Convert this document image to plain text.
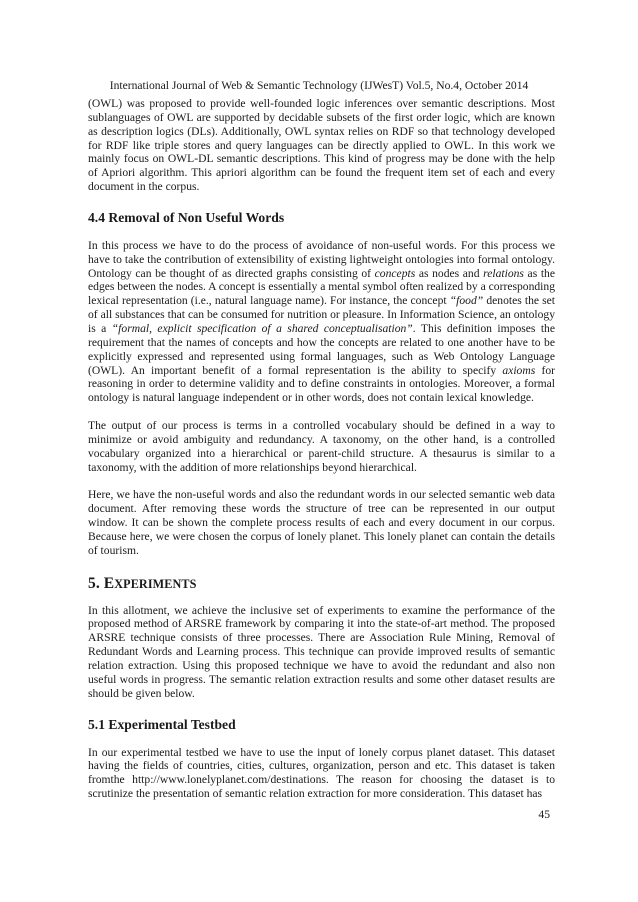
International Journal of Web & Semantic Technology (IJWesT) Vol.5, No.4, October 2014

(OWL) was proposed to provide well-founded logic inferences over semantic descriptions. Most sublanguages of OWL are supported by decidable subsets of the first order logic, which are known as description logics (DLs). Additionally, OWL syntax relies on RDF so that technology developed for RDF like triple stores and query languages can be directly applied to OWL. In this work we mainly focus on OWL-DL semantic descriptions. This kind of progress may be done with the help of Apriori algorithm. This apriori algorithm can be found the frequent item set of each and every document in the corpus.

4.4 Removal of Non Useful Words

In this process we have to do the process of avoidance of non-useful words. For this process we have to take the contribution of extensibility of existing lightweight ontologies into formal ontology. Ontology can be thought of as directed graphs consisting of concepts as nodes and relations as the edges between the nodes. A concept is essentially a mental symbol often realized by a corresponding lexical representation (i.e., natural language name). For instance, the concept “food” denotes the set of all substances that can be consumed for nutrition or pleasure. In Information Science, an ontology is a “formal, explicit specification of a shared conceptualisation”. This definition imposes the requirement that the names of concepts and how the concepts are related to one another have to be explicitly expressed and represented using formal languages, such as Web Ontology Language (OWL). An important benefit of a formal representation is the ability to specify axioms for reasoning in order to determine validity and to define constraints in ontologies. Moreover, a formal ontology is natural language independent or in other words, does not contain lexical knowledge.

The output of our process is terms in a controlled vocabulary should be defined in a way to minimize or avoid ambiguity and redundancy. A taxonomy, on the other hand, is a controlled vocabulary organized into a hierarchical or parent-child structure. A thesaurus is similar to a taxonomy, with the addition of more relationships beyond hierarchical.

Here, we have the non-useful words and also the redundant words in our selected semantic web data document. After removing these words the structure of tree can be represented in our output window. It can be shown the complete process results of each and every document in our corpus. Because here, we were chosen the corpus of lonely planet. This lonely planet can contain the details of tourism.

5. EXPERIMENTS

In this allotment, we achieve the inclusive set of experiments to examine the performance of the proposed method of ARSRE framework by comparing it into the state-of-art method. The proposed ARSRE technique consists of three processes. There are Association Rule Mining, Removal of Redundant Words and Learning process. This technique can provide improved results of semantic relation extraction. Using this proposed technique we have to avoid the redundant and also non useful words in progress. The semantic relation extraction results and some other dataset results are should be given below.

5.1 Experimental Testbed

In our experimental testbed we have to use the input of lonely corpus planet dataset. This dataset having the fields of countries, cities, cultures, organization, person and etc. This dataset is taken fromthe http://www.lonelyplanet.com/destinations. The reason for choosing the dataset is to scrutinize the presentation of semantic relation extraction for more consideration. This dataset has

45
